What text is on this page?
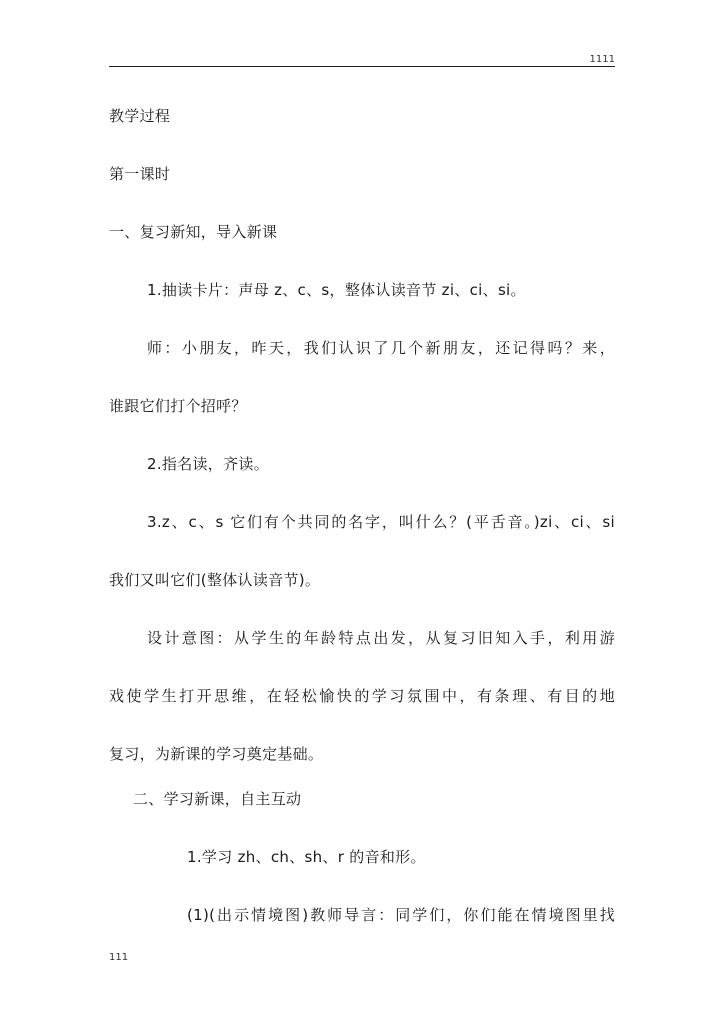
1111
教学过程
第一课时
一、复习新知，导入新课
1.抽读卡片：声母 z、c、s，整体认读音节 zi、ci、si。
师：小朋友，昨天，我们认识了几个新朋友，还记得吗？来，
谁跟它们打个招呼？
2.指名读，齐读。
3.z、c、s 它们有个共同的名字，叫什么？(平舌音。)zi、ci、si
我们又叫它们(整体认读音节)。
设计意图：从学生的年龄特点出发，从复习旧知入手，利用游
戏使学生打开思维，在轻松愉快的学习氛围中，有条理、有目的地
复习，为新课的学习奠定基础。
二、学习新课，自主互动
1.学习 zh、ch、sh、r 的音和形。
(1)(出示情境图)教师导言：同学们，你们能在情境图里找
111
